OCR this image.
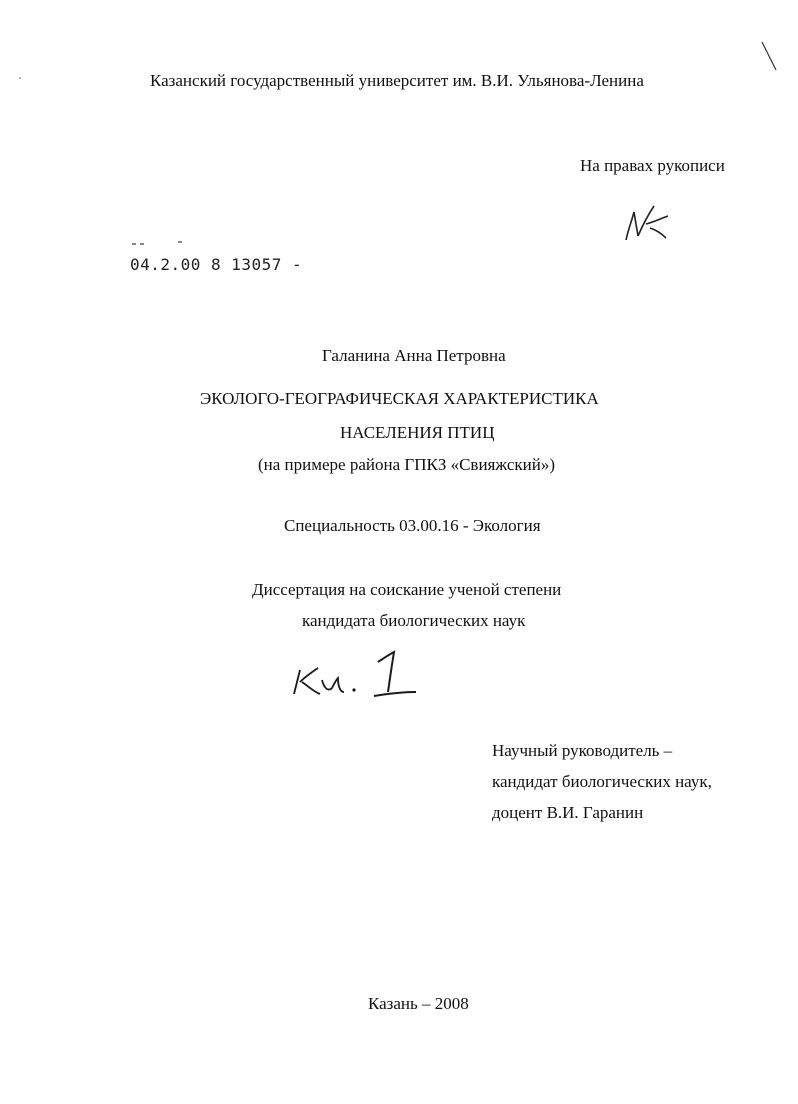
Казанский государственный университет им. В.И. Ульянова-Ленина
На правах рукописи
04.2.00 8 13057 -
Галанина Анна Петровна
ЭКОЛОГО-ГЕОГРАФИЧЕСКАЯ ХАРАКТЕРИСТИКА
НАСЕЛЕНИЯ ПТИЦ
(на примере района ГПКЗ «Свияжский»)
Специальность 03.00.16 - Экология
Диссертация на соискание ученой степени
кандидата биологических наук
Научный руководитель –
кандидат биологических наук,
доцент В.И. Гаранин
Казань – 2008
